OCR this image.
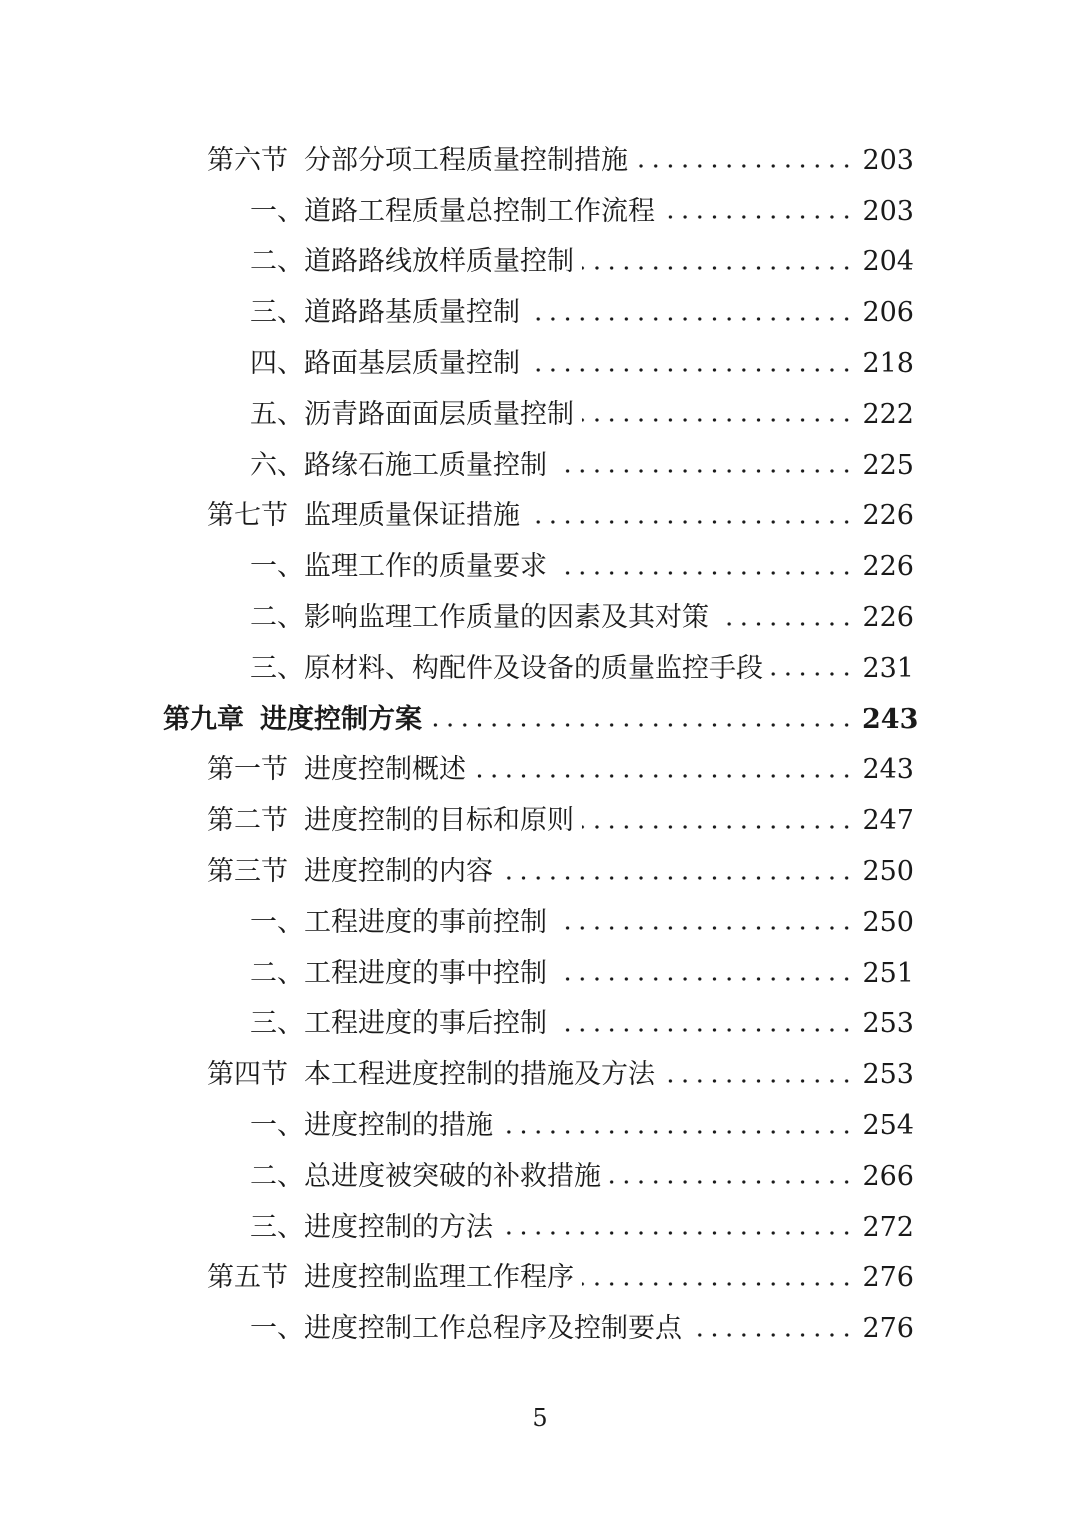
第六节 分部分项工程质量控制措施	203
一、 道路工程质量总控制工作流程	203
二、 道路路线放样质量控制	204
三、 道路路基质量控制	206
四、 路面基层质量控制	218
五、 沥青路面面层质量控制	222
六、 路缘石施工质量控制	225
第七节 监理质量保证措施	226
一、 监理工作的质量要求	226
二、 影响监理工作质量的因素及其对策	226
三、 原材料、构配件及设备的质量监控手段	231
第九章 进度控制方案	243
第一节 进度控制概述	243
第二节 进度控制的目标和原则	247
第三节 进度控制的内容	250
一、 工程进度的事前控制	250
二、 工程进度的事中控制	251
三、 工程进度的事后控制	253
第四节 本工程进度控制的措施及方法	253
一、 进度控制的措施	254
二、 总进度被突破的补救措施	266
三、 进度控制的方法	272
第五节 进度控制监理工作程序	276
一、 进度控制工作总程序及控制要点	276
5
